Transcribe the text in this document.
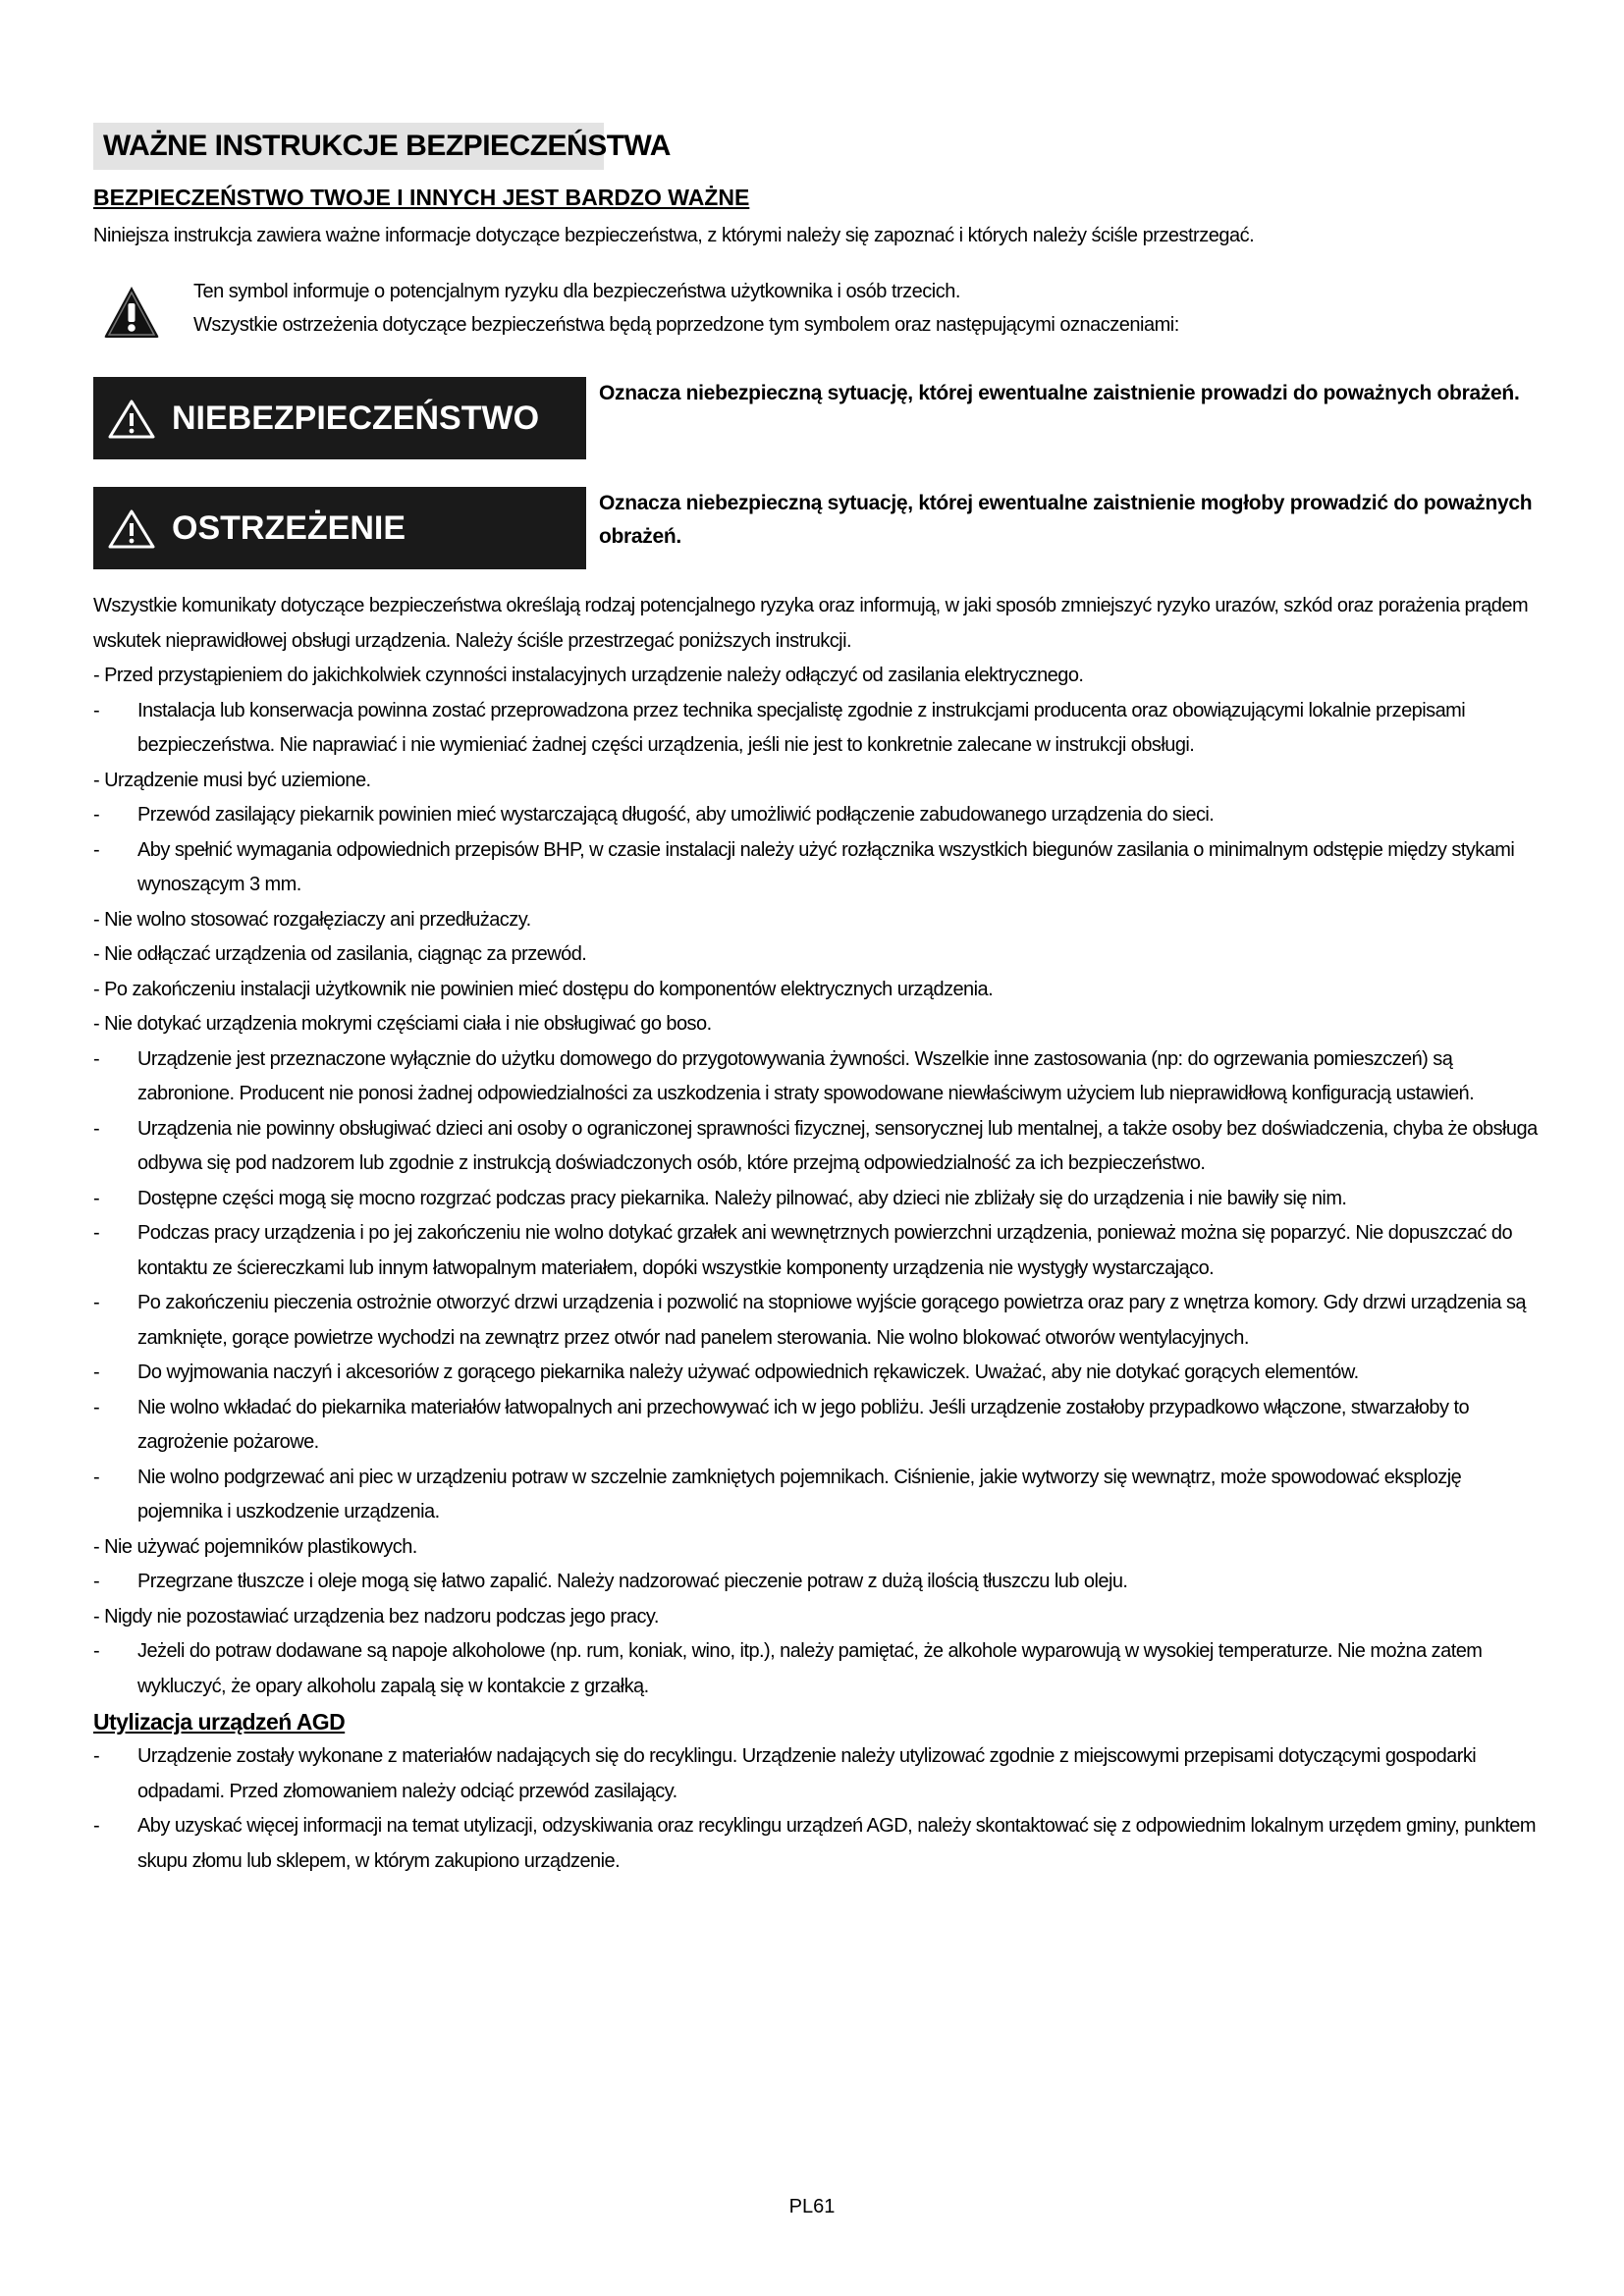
WAŻNE INSTRUKCJE BEZPIECZEŃSTWA
BEZPIECZEŃSTWO TWOJE I INNYCH JEST BARDZO WAŻNE
Niniejsza instrukcja zawiera ważne informacje dotyczące bezpieczeństwa, z którymi należy się zapoznać i których należy ściśle przestrzegać.
Ten symbol informuje o potencjalnym ryzyku dla bezpieczeństwa użytkownika i osób trzecich.
Wszystkie ostrzeżenia dotyczące bezpieczeństwa będą poprzedzone tym symbolem oraz następującymi oznaczeniami:
NIEBEZPIECZEŃSTWO
Oznacza niebezpieczną sytuację, której ewentualne zaistnienie prowadzi do poważnych obrażeń.
OSTRZEŻENIE
Oznacza niebezpieczną sytuację, której ewentualne zaistnienie mogłoby prowadzić do poważnych obrażeń.

Wszystkie komunikaty dotyczące bezpieczeństwa określają rodzaj potencjalnego ryzyka oraz informują, w jaki sposób zmniejszyć ryzyko urazów, szkód oraz porażenia prądem wskutek nieprawidłowej obsługi urządzenia. Należy ściśle przestrzegać poniższych instrukcji.

- Przed przystąpieniem do jakichkolwiek czynności instalacyjnych urządzenie należy odłączyć od zasilania elektrycznego.
- Instalacja lub konserwacja powinna zostać przeprowadzona przez technika specjalistę zgodnie z instrukcjami producenta oraz obowiązującymi lokalnie przepisami bezpieczeństwa. Nie naprawiać i nie wymieniać żadnej części urządzenia, jeśli nie jest to konkretnie zalecane w instrukcji obsługi.
- Urządzenie musi być uziemione.
- Przewód zasilający piekarnik powinien mieć wystarczającą długość, aby umożliwić podłączenie zabudowanego urządzenia do sieci.
- Aby spełnić wymagania odpowiednich przepisów BHP, w czasie instalacji należy użyć rozłącznika wszystkich biegunów zasilania o minimalnym odstępie między stykami wynoszącym 3 mm.
- Nie wolno stosować rozgałęziaczy ani przedłużaczy.
- Nie odłączać urządzenia od zasilania, ciągnąc za przewód.
- Po zakończeniu instalacji użytkownik nie powinien mieć dostępu do komponentów elektrycznych urządzenia.
- Nie dotykać urządzenia mokrymi częściami ciała i nie obsługiwać go boso.
- Urządzenie jest przeznaczone wyłącznie do użytku domowego do przygotowywania żywności. Wszelkie inne zastosowania (np: do ogrzewania pomieszczeń) są zabronione. Producent nie ponosi żadnej odpowiedzialności za uszkodzenia i straty spowodowane niewłaściwym użyciem lub nieprawidłową konfiguracją ustawień.
- Urządzenia nie powinny obsługiwać dzieci ani osoby o ograniczonej sprawności fizycznej, sensorycznej lub mentalnej, a także osoby bez doświadczenia, chyba że obsługa odbywa się pod nadzorem lub zgodnie z instrukcją doświadczonych osób, które przejmą odpowiedzialność za ich bezpieczeństwo.
- Dostępne części mogą się mocno rozgrzać podczas pracy piekarnika. Należy pilnować, aby dzieci nie zbliżały się do urządzenia i nie bawiły się nim.
- Podczas pracy urządzenia i po jej zakończeniu nie wolno dotykać grzałek ani wewnętrznych powierzchni urządzenia, ponieważ można się poparzyć. Nie dopuszczać do kontaktu ze ściereczkami lub innym łatwopalnym materiałem, dopóki wszystkie komponenty urządzenia nie wystygły wystarczająco.
- Po zakończeniu pieczenia ostrożnie otworzyć drzwi urządzenia i pozwolić na stopniowe wyjście gorącego powietrza oraz pary z wnętrza komory. Gdy drzwi urządzenia są zamknięte, gorące powietrze wychodzi na zewnątrz przez otwór nad panelem sterowania. Nie wolno blokować otworów wentylacyjnych.
- Do wyjmowania naczyń i akcesoriów z gorącego piekarnika należy używać odpowiednich rękawiczek. Uważać, aby nie dotykać gorących elementów.
- Nie wolno wkładać do piekarnika materiałów łatwopalnych ani przechowywać ich w jego pobliżu. Jeśli urządzenie zostałoby przypadkowo włączone, stwarzałoby to zagrożenie pożarowe.
- Nie wolno podgrzewać ani piec w urządzeniu potraw w szczelnie zamkniętych pojemnikach. Ciśnienie, jakie wytworzy się wewnątrz, może spowodować eksplozję pojemnika i uszkodzenie urządzenia.
- Nie używać pojemników plastikowych.
- Przegrzane tłuszcze i oleje mogą się łatwo zapalić. Należy nadzorować pieczenie potraw z dużą ilością tłuszczu lub oleju.
- Nigdy nie pozostawiać urządzenia bez nadzoru podczas jego pracy.
- Jeżeli do potraw dodawane są napoje alkoholowe (np. rum, koniak, wino, itp.), należy pamiętać, że alkohole wyparowują w wysokiej temperaturze. Nie można zatem wykluczyć, że opary alkoholu zapalą się w kontakcie z grzałką.
Utylizacja urządzeń AGD
- Urządzenie zostały wykonane z materiałów nadających się do recyklingu. Urządzenie należy utylizować zgodnie z miejscowymi przepisami dotyczącymi gospodarki odpadami. Przed złomowaniem należy odciąć przewód zasilający.
- Aby uzyskać więcej informacji na temat utylizacji, odzyskiwania oraz recyklingu urządzeń AGD, należy skontaktować się z odpowiednim lokalnym urzędem gminy, punktem skupu złomu lub sklepem, w którym zakupiono urządzenie.
PL61
